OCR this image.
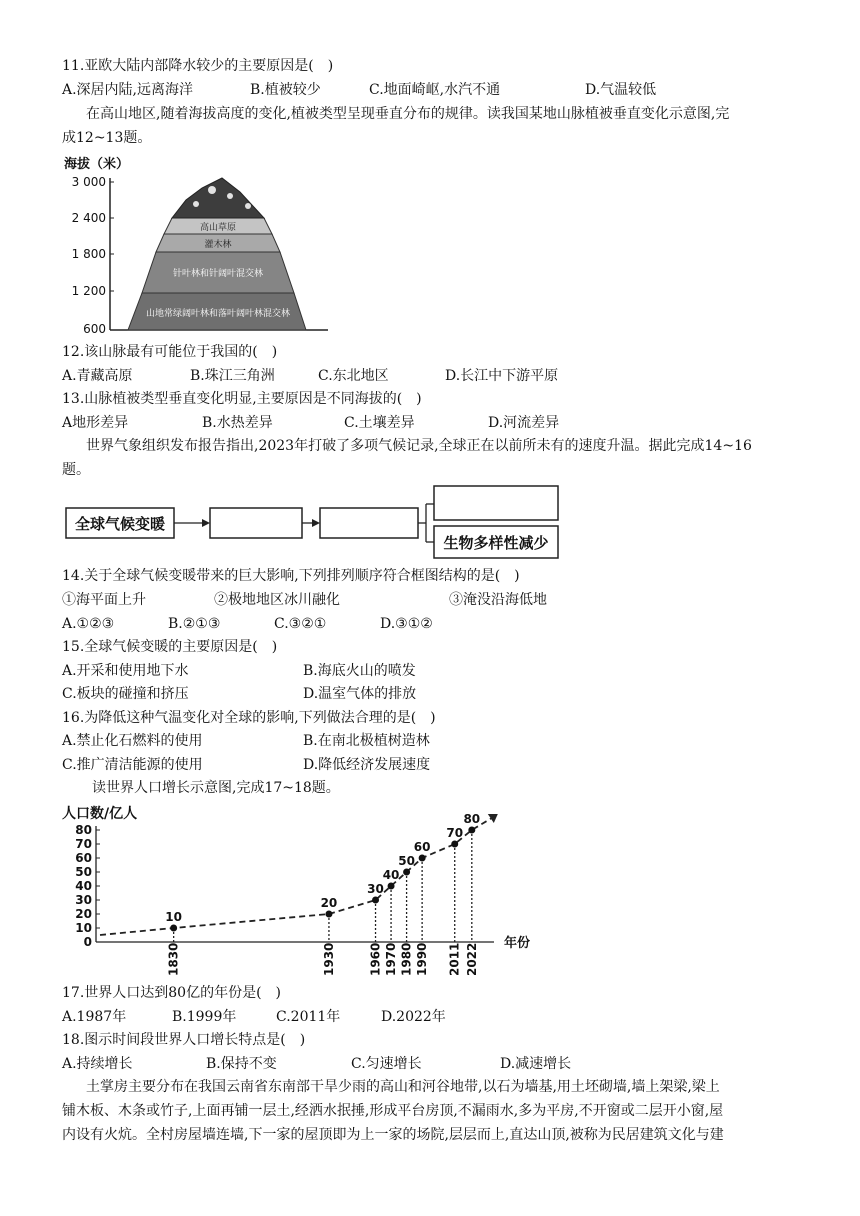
11.亚欧大陆内部降水较少的主要原因是(　)
A.深居内陆,远离海洋	B.植被较少	C.地面崎岖,水汽不通	D.气温较低
在高山地区,随着海拔高度的变化,植被类型呈现垂直分布的规律。读我国某地山脉植被垂直变化示意图,完
成12~13题。
海拔（米）
3 000
2 400
1 800
1 200
600
高山草原
灌木林
针叶林和针阔叶混交林
山地常绿阔叶林和落叶阔叶林混交林
12.该山脉最有可能位于我国的(　)
A.青藏高原	B.珠江三角洲	C.东北地区	D.长江中下游平原
13.山脉植被类型垂直变化明显,主要原因是不同海拔的(　)
A地形差异	B.水热差异	C.土壤差异	D.河流差异
世界气象组织发布报告指出,2023年打破了多项气候记录,全球正在以前所未有的速度升温。据此完成14~16
题。
全球气候变暖
生物多样性减少
14.关于全球气候变暖带来的巨大影响,下列排列顺序符合框图结构的是(　)
①海平面上升	②极地地区冰川融化	③淹没沿海低地
A.①②③	B.②①③	C.③②①	D.③①②
15.全球气候变暖的主要原因是(　)
A.开采和使用地下水	B.海底火山的喷发
C.板块的碰撞和挤压	D.温室气体的排放
16.为降低这种气温变化对全球的影响,下列做法合理的是(　)
A.禁止化石燃料的使用	B.在南北极植树造林
C.推广清洁能源的使用	D.降低经济发展速度
读世界人口增长示意图,完成17~18题。
人口数/亿人
年份
0
10
20
30
40
50
60
70
80
1830	1930	1960 1970 1980 1990 2011 2022
10
20
30
40
50
60
70
80
17.世界人口达到80亿的年份是(　)
A.1987年	B.1999年	C.2011年	D.2022年
18.图示时间段世界人口增长特点是(　)
A.持续增长	B.保持不变	C.匀速增长	D.减速增长
土掌房主要分布在我国云南省东南部干旱少雨的高山和河谷地带,以石为墙基,用土坯砌墙,墙上架梁,梁上
铺木板、木条或竹子,上面再铺一层土,经洒水抿捶,形成平台房顶,不漏雨水,多为平房,不开窗或二层开小窗,屋
内设有火炕。全村房屋墙连墙,下一家的屋顶即为上一家的场院,层层而上,直达山顶,被称为民居建筑文化与建
